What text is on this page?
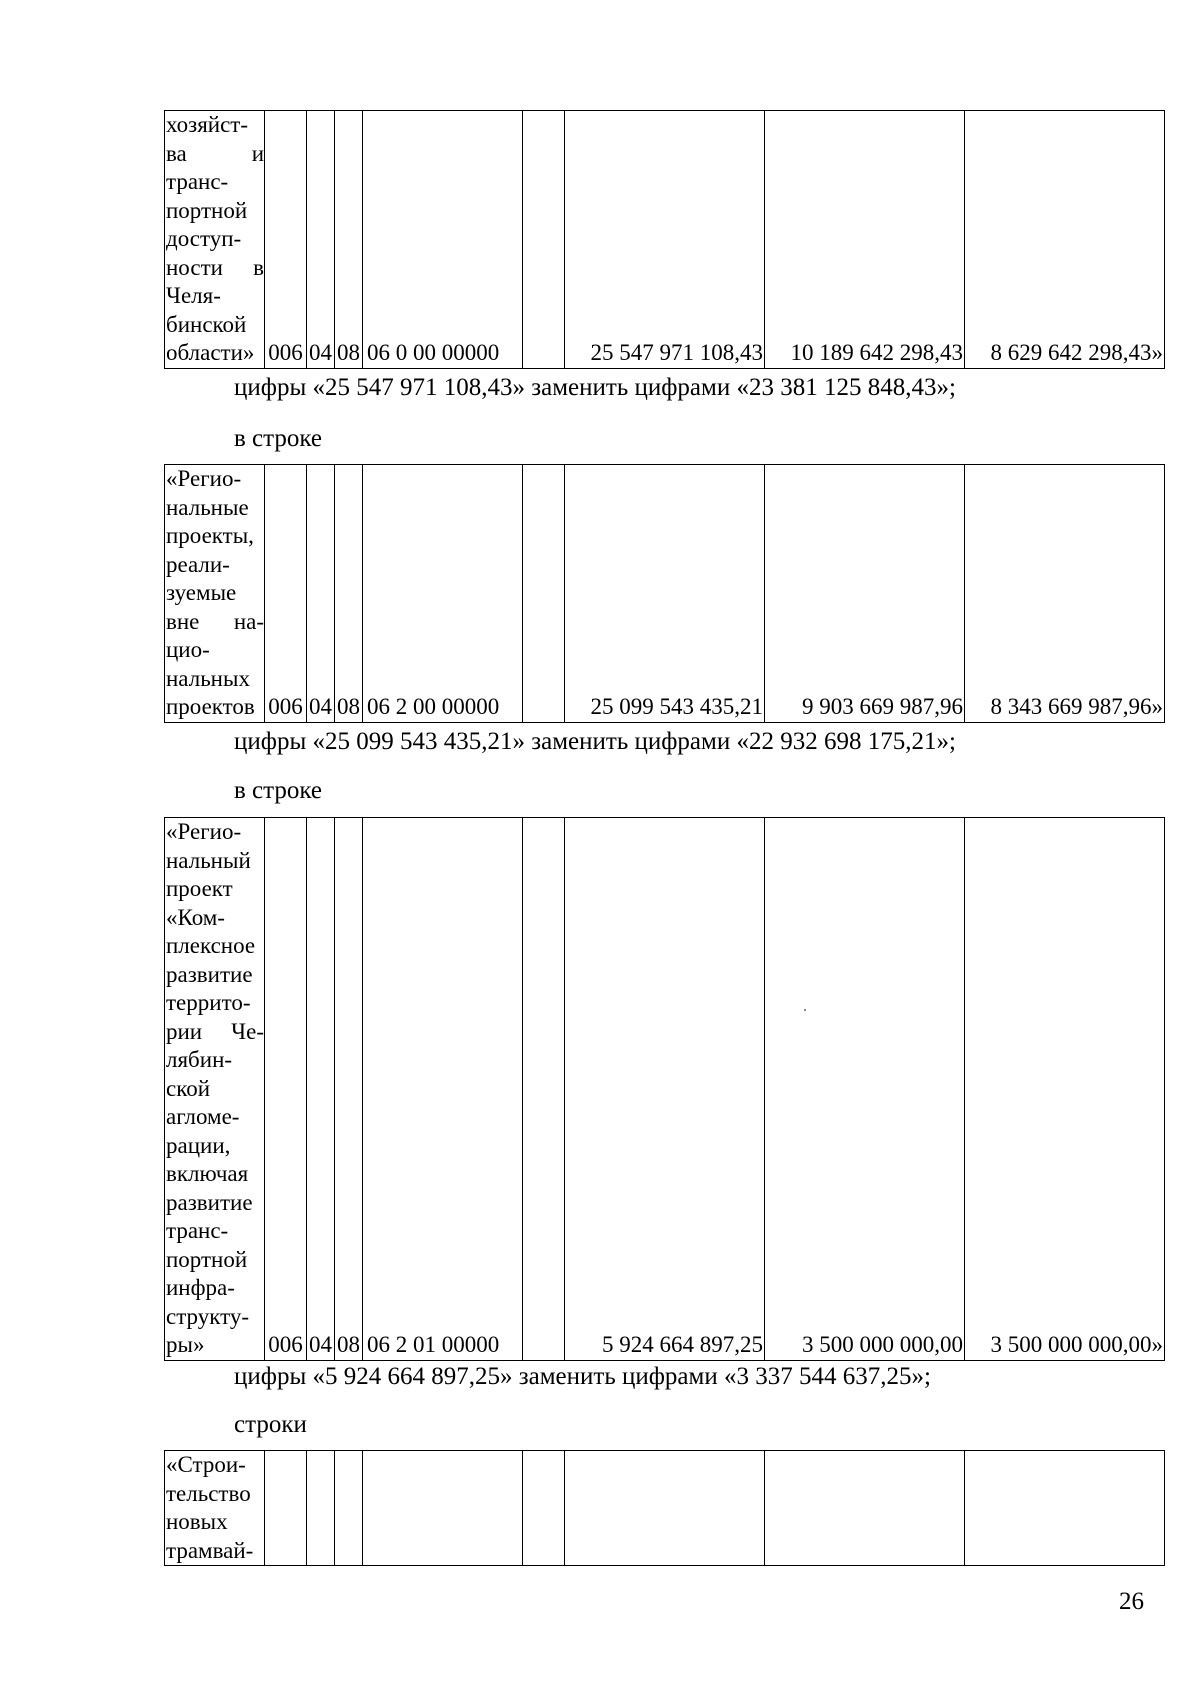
хозяйст-
ва	и
транс-
портной
доступ-
ности в
Челя-
бинской
области»	006	04	08	06 0 00 00000		25 547 971 108,43	10 189 642 298,43	8 629 642 298,43»
цифры «25 547 971 108,43» заменить цифрами «23 381 125 848,43»;
в строке
«Регио-
нальные
проекты,
реали-
зуемые
вне на-
цио-
нальных
проектов	006	04	08	06 2 00 00000		25 099 543 435,21	9 903 669 987,96	8 343 669 987,96»
цифры «25 099 543 435,21» заменить цифрами «22 932 698 175,21»;
в строке
«Регио-
нальный
проект
«Ком-
плексное
развитие
террито-
рии Че-
лябин-
ской
агломе-
рации,
включая
развитие
транс-
портной
инфра-
структу-
ры»	006	04	08	06 2 01 00000		5 924 664 897,25	3 500 000 000,00	3 500 000 000,00»
цифры «5 924 664 897,25» заменить цифрами «3 337 544 637,25»;
строки
«Строи-
тельство
новых
трамвай-

26
